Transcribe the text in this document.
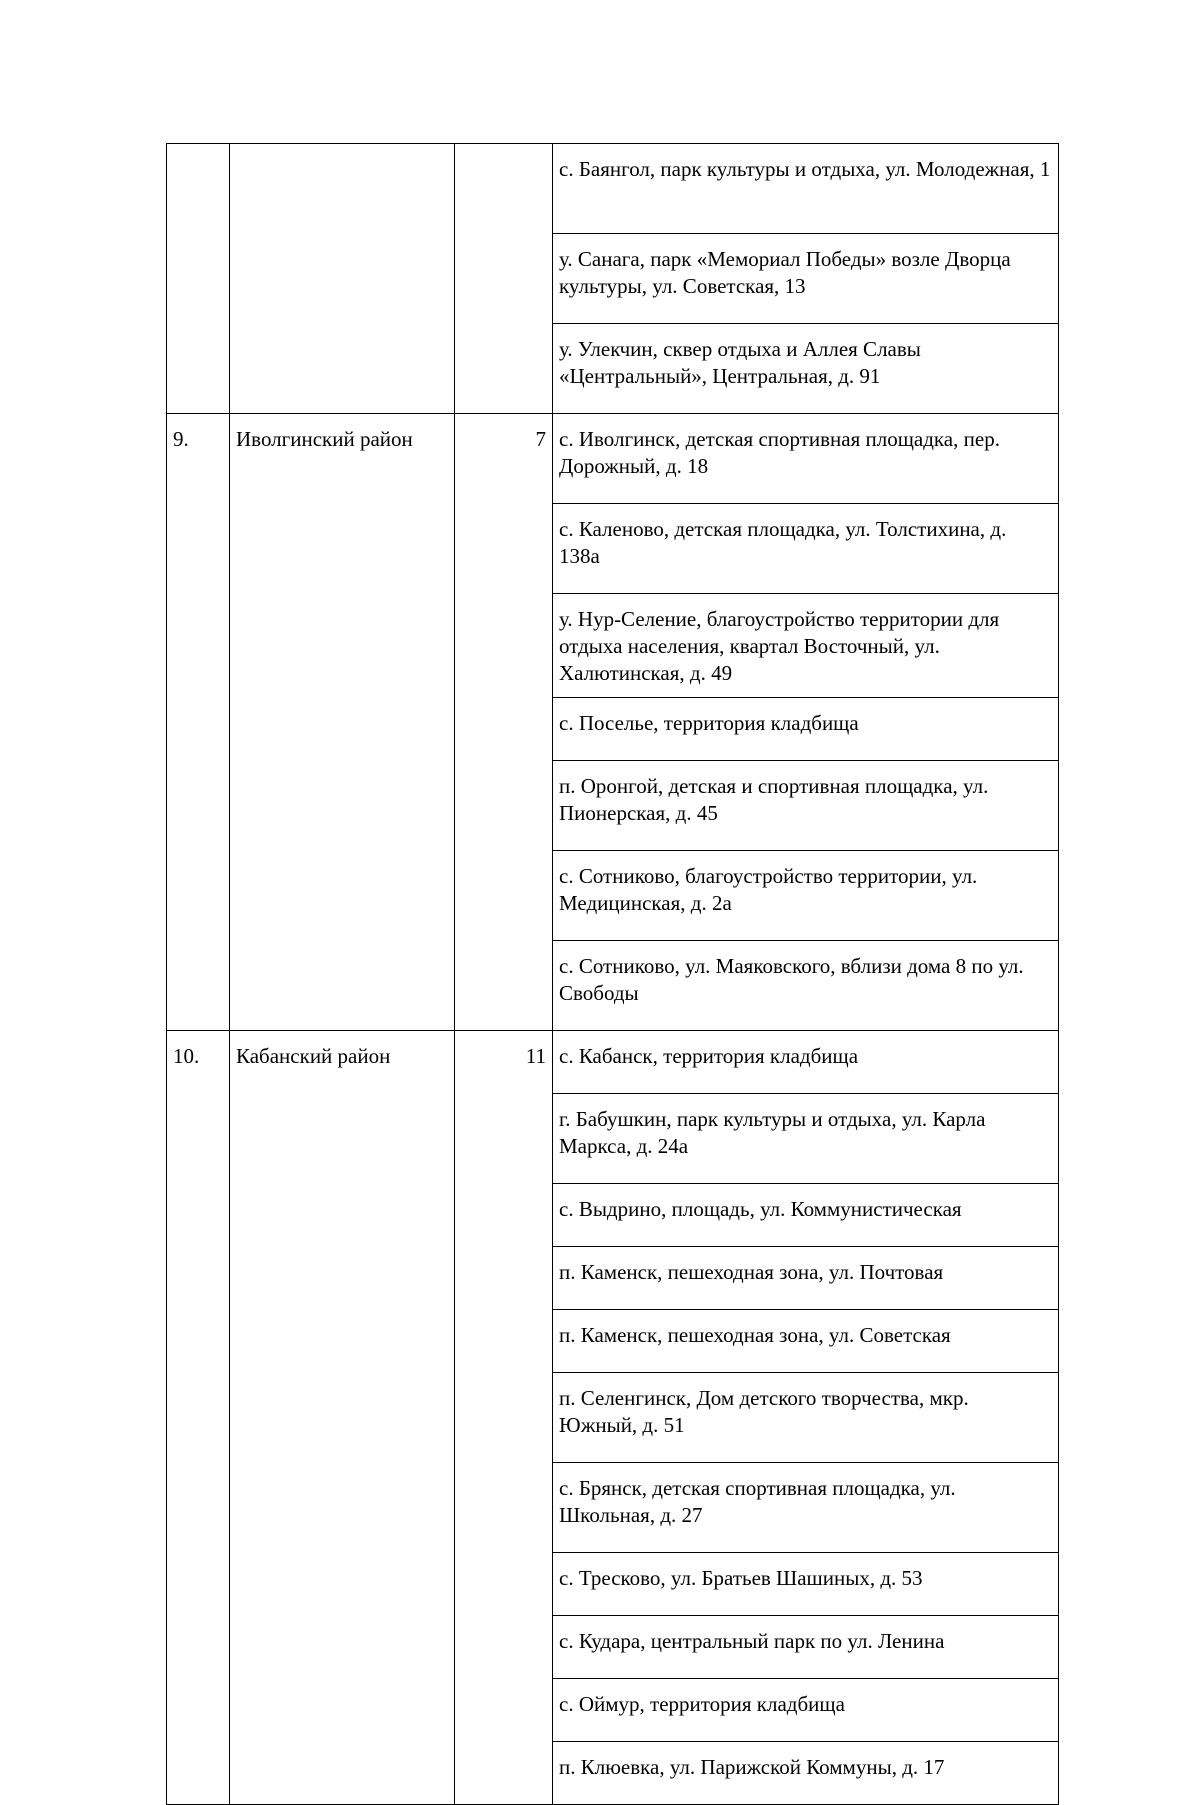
			с. Баянгол, парк культуры и отдыха, ул. Молодежная, 1
			у. Санага, парк «Мемориал Победы» возле Дворца культуры, ул. Советская, 13
			у. Улекчин, сквер отдыха и Аллея Славы «Центральный», Центральная, д. 91
9.	Иволгинский район	7	с. Иволгинск, детская спортивная площадка, пер. Дорожный, д. 18
			с. Каленово, детская площадка, ул. Толстихина, д. 138а
			у. Нур-Селение, благоустройство территории для отдыха населения, квартал Восточный, ул. Халютинская, д. 49
			с. Поселье, территория кладбища
			п. Оронгой, детская и спортивная площадка, ул. Пионерская, д. 45
			с. Сотниково, благоустройство территории, ул. Медицинская, д. 2а
			с. Сотниково, ул. Маяковского, вблизи дома 8 по ул. Свободы
10.	Кабанский район	11	с. Кабанск, территория кладбища
			г. Бабушкин, парк культуры и отдыха, ул. Карла Маркса, д. 24а
			с. Выдрино, площадь, ул. Коммунистическая
			п. Каменск, пешеходная зона, ул. Почтовая
			п. Каменск, пешеходная зона, ул. Советская
			п. Селенгинск, Дом детского творчества, мкр. Южный, д. 51
			с. Брянск, детская спортивная площадка, ул. Школьная, д. 27
			с. Тресково, ул. Братьев Шашиных, д. 53
			с. Кудара, центральный парк по ул. Ленина
			с. Оймур, территория кладбища
			п. Клюевка, ул. Парижской Коммуны, д. 17
